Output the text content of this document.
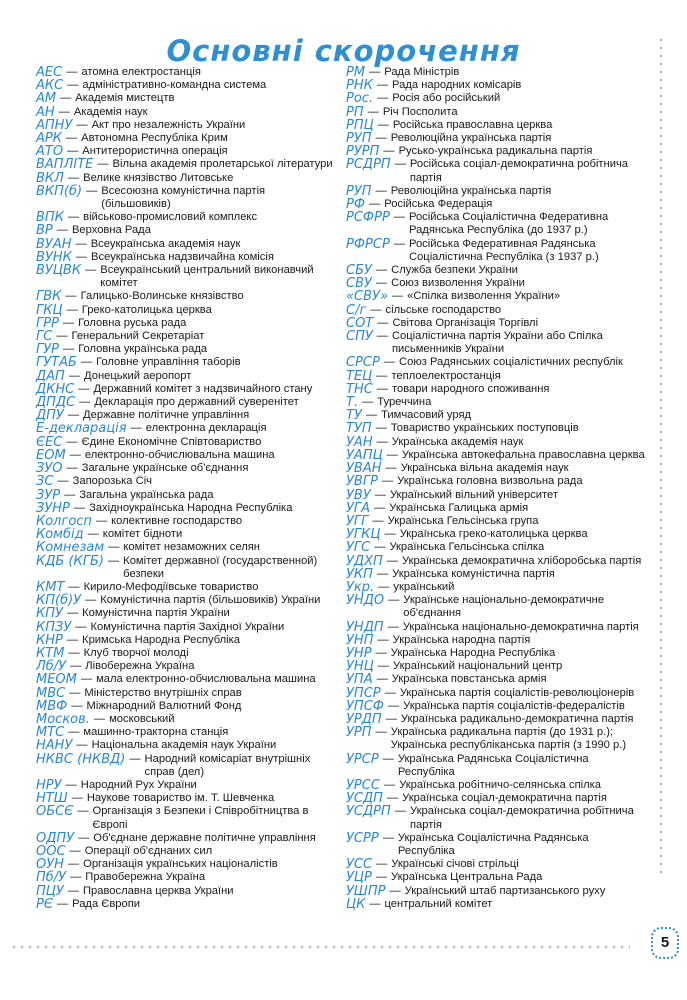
Основні скорочення
АЕС — атомна електростанція
АКС — адміністративно-командна система
АМ — Академія мистецтв
АН — Академія наук
АПНУ — Акт про незалежність України
АРК — Автономна Республіка Крим
АТО — Антитерористична операція
ВАПЛІТЕ — Вільна академія пролетарської літератури
ВКЛ — Велике князівство Литовське
ВКП(б) — Всесоюзна комуністична партія (більшовиків)
ВПК — військово-промисловий комплекс
ВР — Верховна Рада
ВУАН — Всеукраїнська академія наук
ВУНК — Всеукраїнська надзвичайна комісія
ВУЦВК — Всеукраїнський центральний виконавчий комітет
ГВК — Галицько-Волинське князівство
ГКЦ — Греко-католицька церква
ГРР — Головна руська рада
ГС — Генеральний Секретаріат
ГУР — Головна українська рада
ГУТАБ — Головне управління таборів
ДАП — Донецький аеропорт
ДКНС — Державний комітет з надзвичайного стану
ДПДС — Декларація про державний суверенітет
ДПУ — Державне політичне управління
Е-декларація — електронна декларація
ЄЕС — Єдине Економічне Співтовариство
ЕОМ — електронно-обчислювальна машина
ЗУО — Загальне українське об'єднання
ЗС — Запорозька Січ
ЗУР — Загальна українська рада
ЗУНР — Західноукраїнська Народна Республіка
Колгосп — колективне господарство
Комбід — комітет бідноти
Комнезам — комітет незаможних селян
КДБ (КГБ) — Комітет державної (государственной) безпеки
КМТ — Кирило-Мефодіївське товариство
КП(б)У — Комуністична партія (більшовиків) України
КПУ — Комуністична партія України
КПЗУ — Комуністична партія Західної України
КНР — Кримська Народна Республіка
КТМ — Клуб творчої молоді
Лб/У — Лівобережна Україна
МЕОМ — мала електронно-обчислювальна машина
МВС — Міністерство внутрішніх справ
МВФ — Міжнародний Валютний Фонд
Москов. — московський
МТС — машинно-тракторна станція
НАНУ — Національна академія наук України
НКВС (НКВД) — Народний комісаріат внутрішніх справ (дел)
НРУ — Народний Рух України
НТШ — Наукове товариство ім. Т. Шевченка
ОБСЄ — Організація з Безпеки і Співробітництва в Європі
ОДПУ — Об'єднане державне політичне управління
ООС — Операції об'єднаних сил
ОУН — Організація українських націоналістів
Пб/У — Правобережна Україна
ПЦУ — Православна церква України
РЄ — Рада Європи
РМ — Рада Міністрів
РНК — Рада народних комісарів
Рос. — Росія або російський
РП — Річ Посполита
РПЦ — Російська православна церква
РУП — Революційна українська партія
РУРП — Русько-українська радикальна партія
РСДРП — Російська соціал-демократична робітнича партія
РУП — Революційна українська партія
РФ — Російська Федерація
РСФРР — Російська Соціалістична Федеративна Радянська Республіка (до 1937 р.)
РФРСР — Російська Федеративная Радянська Соціалістична Республіка (з 1937 р.)
СБУ — Служба безпеки України
СВУ — Союз визволення України
«СВУ» — «Спілка визволення України»
С/г — сільське господарство
СОТ — Світова Організація Торгівлі
СПУ — Соціалістична партія України або Спілка письменників України
СРСР — Союз Радянських соціалістичних республік
ТЕЦ — теплоелектростанція
ТНС — товари народного споживання
Т. — Туреччина
ТУ — Тимчасовий уряд
ТУП — Товариство українських поступовців
УАН — Українська академія наук
УАПЦ — Українська автокефальна православна церква
УВАН — Українська вільна академія наук
УВГР — Українська головна визвольна рада
УВУ — Український вільний університет
УГА — Українська Галицька армія
УГГ — Українська Гельсінська група
УГКЦ — Українська греко-католицька церква
УГС — Українська Гельсінська спілка
УДХП — Українська демократична хліборобська партія
УКП — Українська комуністична партія
Укр. — український
УНДО — Українське національно-демократичне об'єднання
УНДП — Українська національно-демократична партія
УНП — Українська народна партія
УНР — Українська Народна Республіка
УНЦ — Український національний центр
УПА — Українська повстанська армія
УПСР — Українська партія соціалістів-революціонерів
УПСФ — Українська партія соціалістів-федералістів
УРДП — Українська радикально-демократична партія
УРП — Українська радикальна партія (до 1931 р.); Українська республіканська партія (з 1990 р.)
УРСР — Українська Радянська Соціалістична Республіка
УРСС — Українська робітничо-селянська спілка
УСДП — Українська соціал-демократична партія
УСДРП — Українська соціал-демократична робітнича партія
УСРР — Українська Соціалістична Радянська Республіка
УСС — Українські січові стрільці
УЦР — Українська Центральна Рада
УШПР — Український штаб партизанського руху
ЦК — центральний комітет
5
